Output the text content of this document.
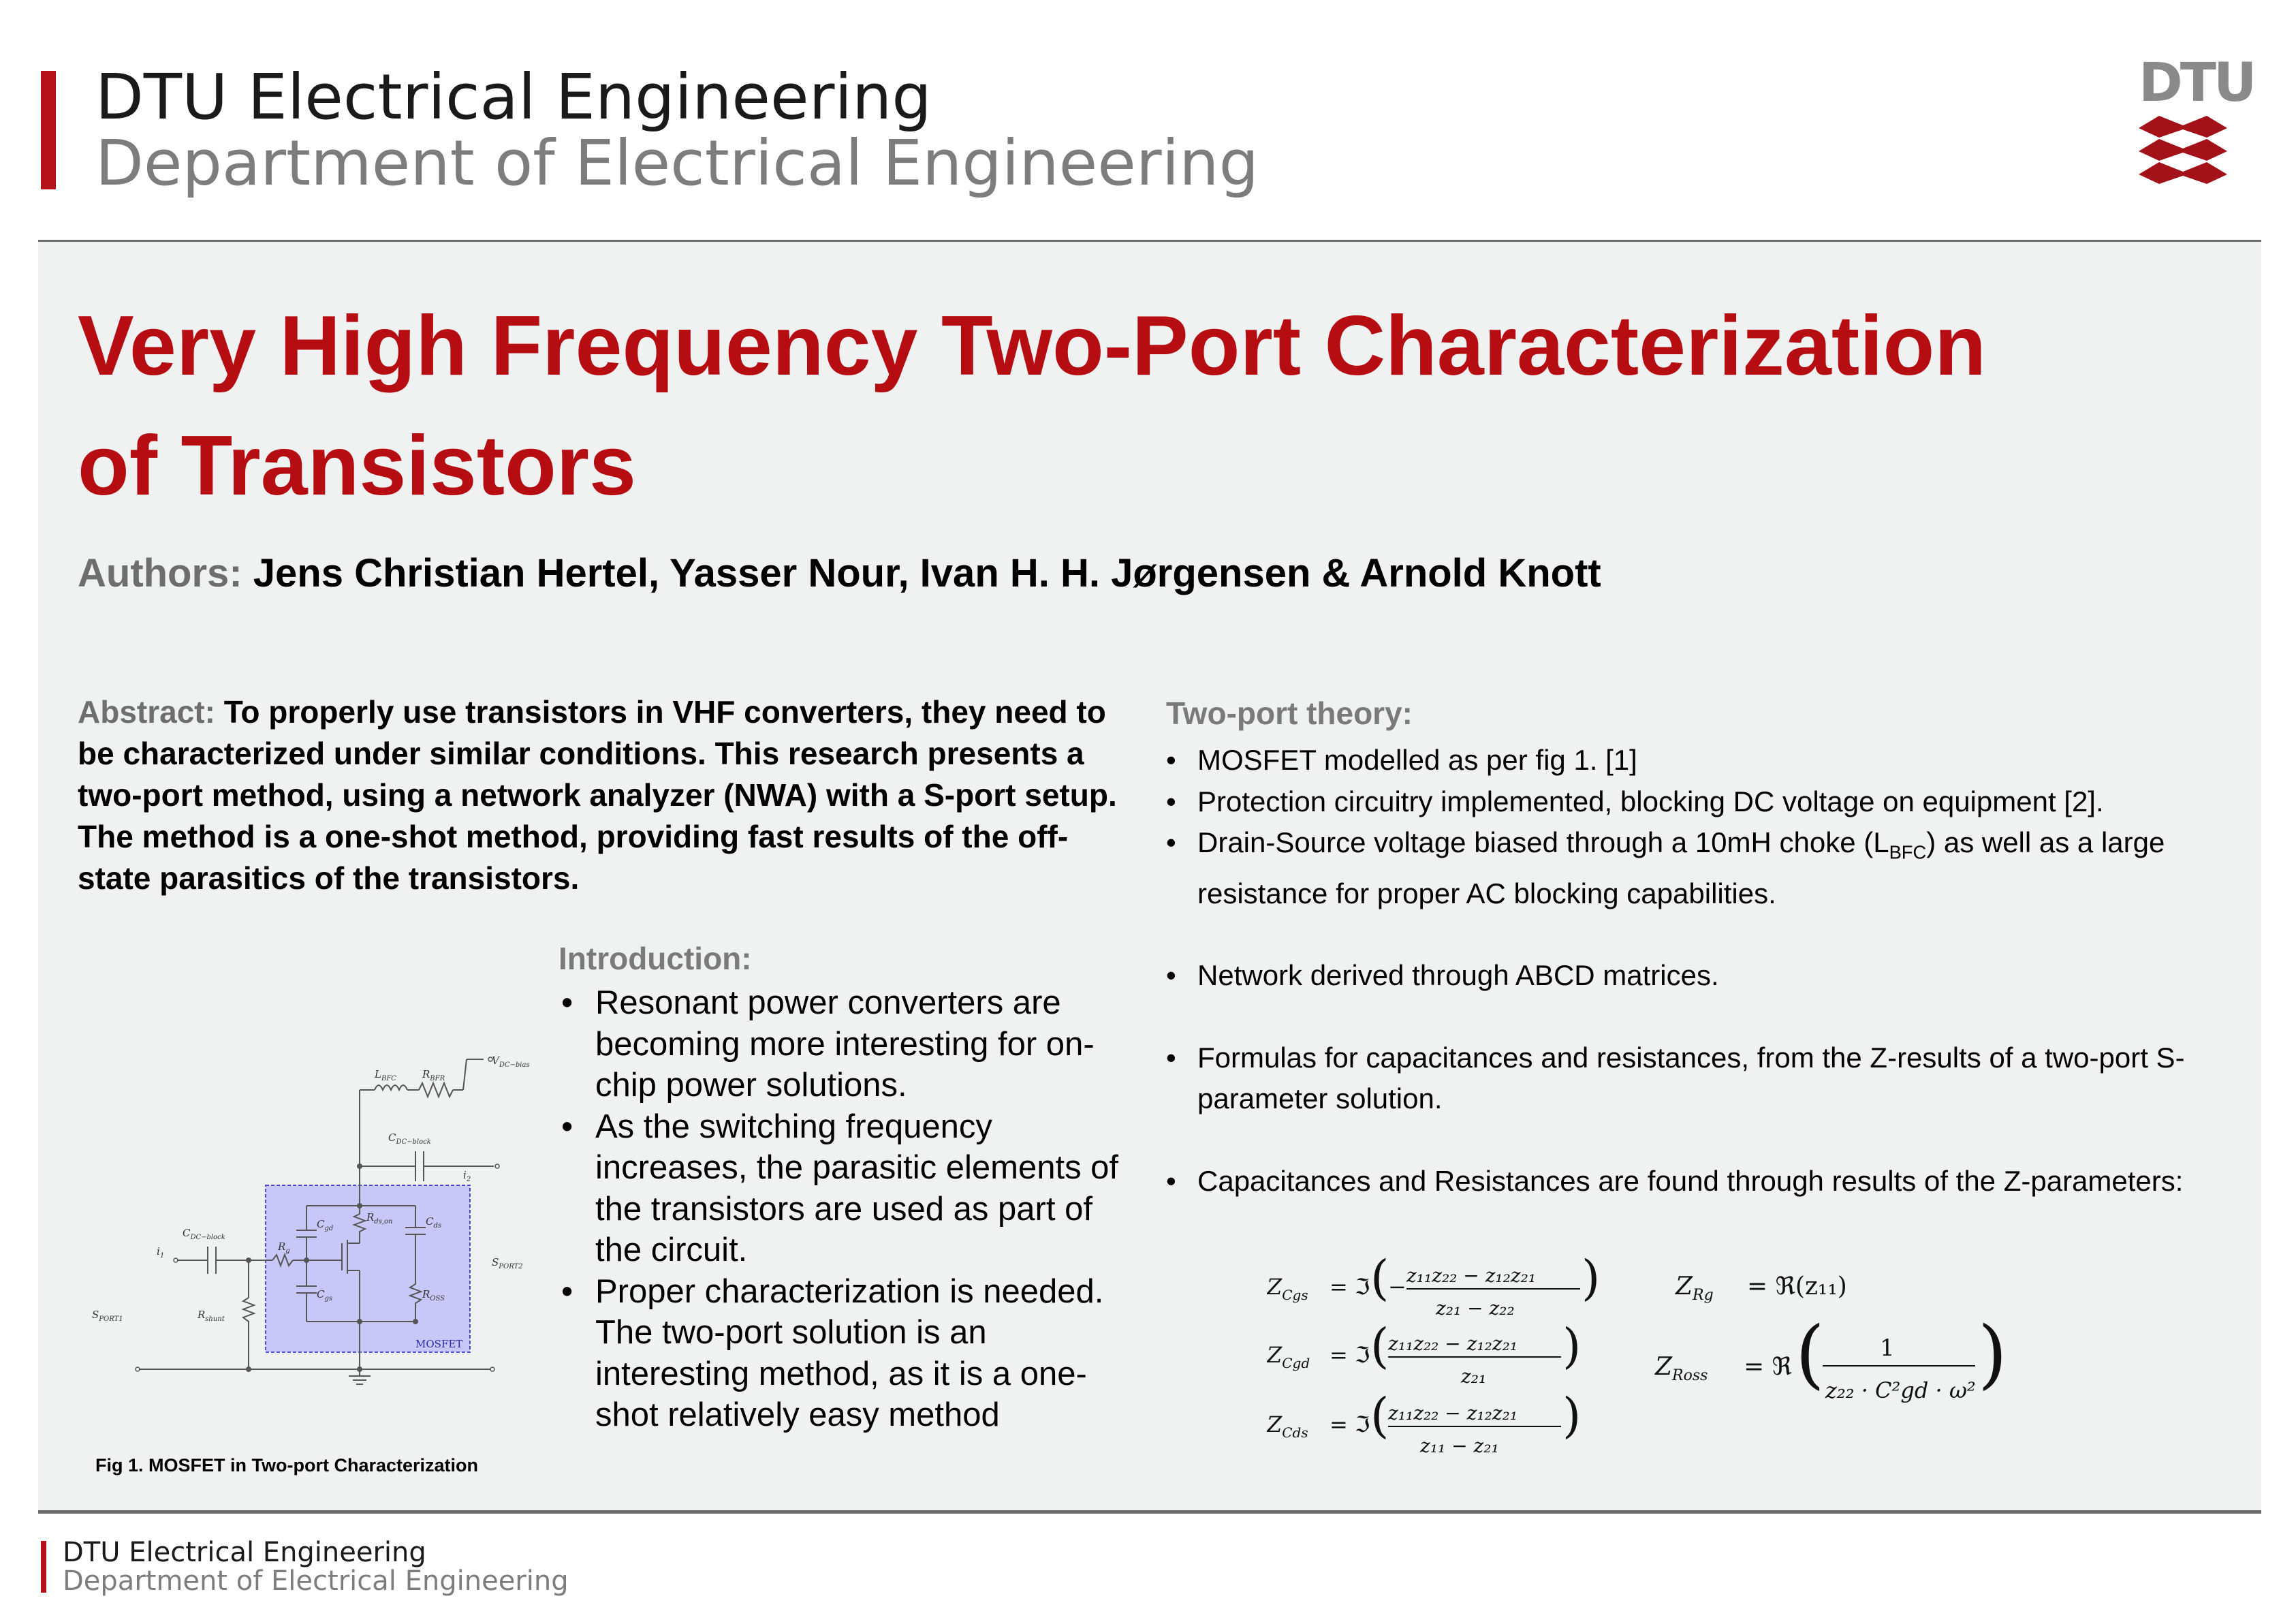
DTU Electrical Engineering
Department of Electrical Engineering
DTU
Very High Frequency Two-Port Characterization
of Transistors
Authors: Jens Christian Hertel, Yasser Nour, Ivan H. H. Jørgensen & Arnold Knott
Abstract: To properly use transistors in VHF converters, they need to be characterized under similar conditions. This research presents a two-port method, using a network analyzer (NWA) with a S-port setup. The method is a one-shot method, providing fast results of the off-state parasitics of the transistors.
$V_{DC-bias}$
$L_{BFC}$	$R_{BFR}$
$C_{DC-block}$
$i_2$
$C_{DC-block}$
$i_1$
$C_{gd}$
$R_{ds,on}$	$C_{ds}$
$R_g$
$C_{gs}$	$R_{OSS}$
$R_{shunt}$
$S_{PORT1}$
$S_{PORT2}$
MOSFET
Fig 1. MOSFET in Two-port Characterization
Introduction:
• Resonant power converters are becoming more interesting for on-chip power solutions.
• As the switching frequency increases, the parasitic elements of the transistors are used as part of the circuit.
• Proper characterization is needed. The two-port solution is an interesting method, as it is a one-shot relatively easy method
Two-port theory:
• MOSFET modelled as per fig 1. [1]
• Protection circuitry implemented, blocking DC voltage on equipment [2].
• Drain-Source voltage biased through a 10mH choke $(L_{BFC})$ as well as a large resistance for proper AC blocking capabilities.
• Network derived through ABCD matrices.
• Formulas for capacitances and resistances, from the Z-results of a two-port S-parameter solution.
• Capacitances and Resistances are found through results of the Z-parameters:
$Z_{Cgs}$ = ℑ (
− z₁₁z₂₂ − z₁₂z₂₁
z₂₁ − z₂₂
)
$Z_{Cgd}$ = ℑ (
z₁₁z₂₂ − z₁₂z₂₁
z₂₁
)
$Z_{Cds}$ = ℑ (
z₁₁z₂₂ − z₁₂z₂₁
z₁₁ − z₂₁
)
$Z_{Rg}$ = ℜ(z₁₁)
$Z_{Ross}$ = ℜ ( 1
z₂₂ · C²gd · ω² )
DTU Electrical Engineering
Department of Electrical Engineering
